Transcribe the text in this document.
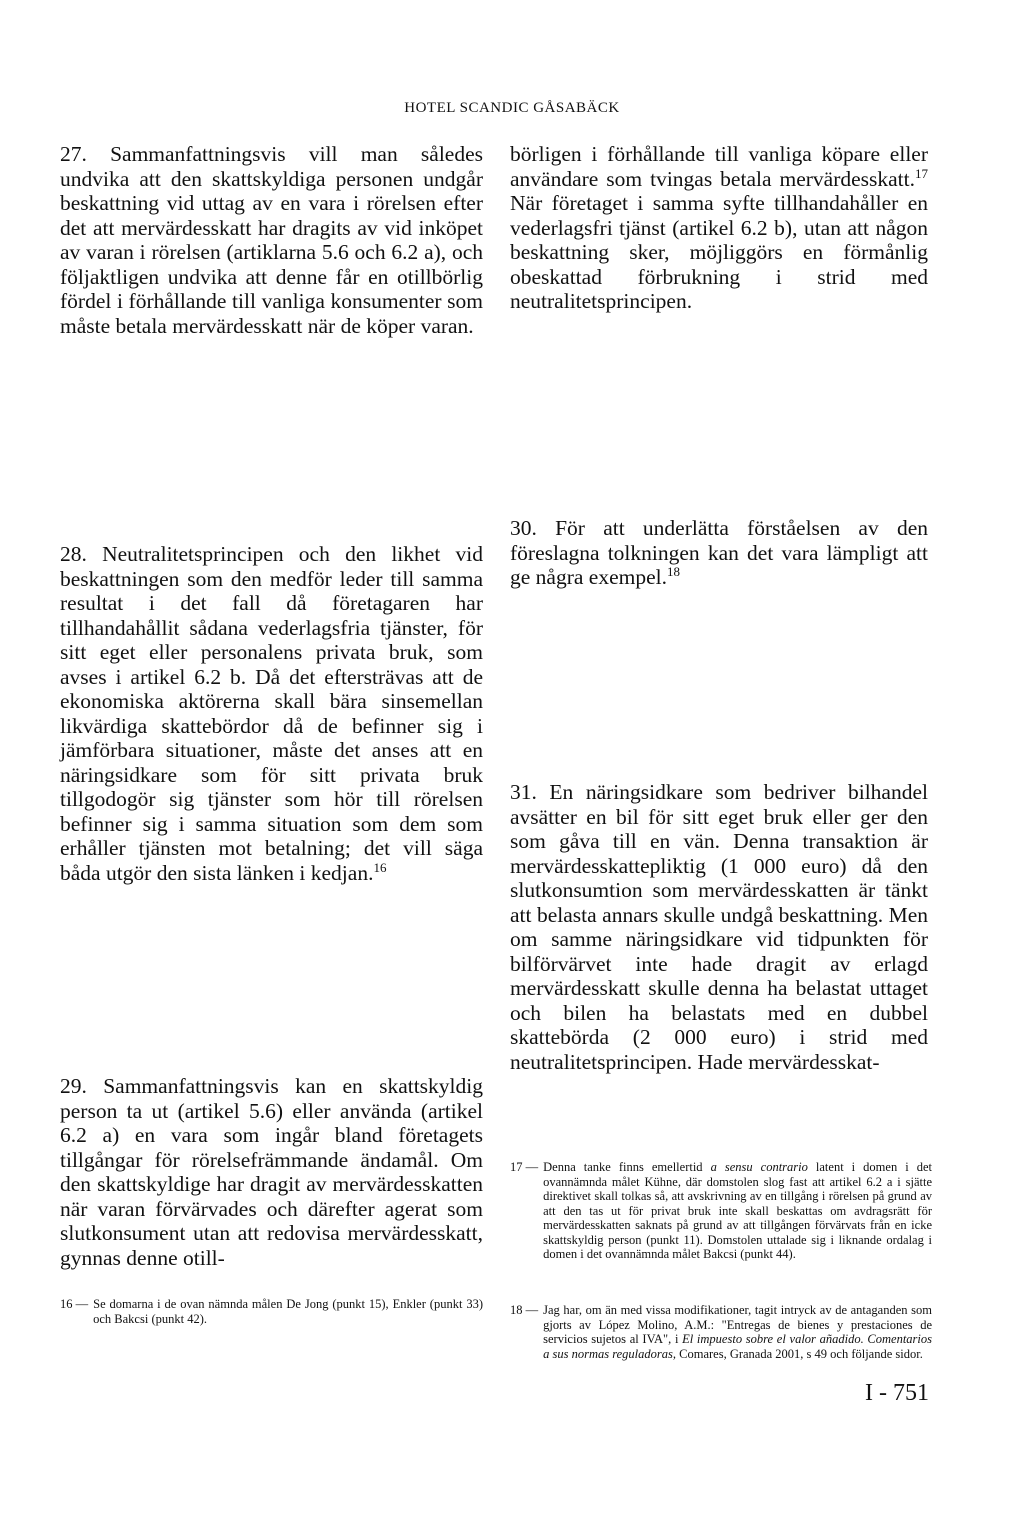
HOTEL SCANDIC GÅSABÄCK

27. Sammanfattningsvis vill man således undvika att den skattskyldiga personen undgår beskattning vid uttag av en vara i rörelsen efter det att mervärdesskatt har dragits av vid inköpet av varan i rörelsen (artiklarna 5.6 och 6.2 a), och följaktligen undvika att denne får en otillbörlig fördel i förhållande till vanliga konsumenter som måste betala mervärdesskatt när de köper varan.

börligen i förhållande till vanliga köpare eller användare som tvingas betala mervärdesskatt.$^{17}$ När företaget i samma syfte tillhandahåller en vederlagsfri tjänst (artikel 6.2 b), utan att någon beskattning sker, möjliggörs en förmånlig obeskattad förbrukning i strid med neutralitetsprincipen.

28. Neutralitetsprincipen och den likhet vid beskattningen som den medför leder till samma resultat i det fall då företagaren har tillhandahållit sådana vederlagsfria tjänster, för sitt eget eller personalens privata bruk, som avses i artikel 6.2 b. Då det eftersträvas att de ekonomiska aktörerna skall bära sinsemellan likvärdiga skattebördor då de befinner sig i jämförbara situationer, måste det anses att en näringsidkare som för sitt privata bruk tillgodogör sig tjänster som hör till rörelsen befinner sig i samma situation som dem som erhåller tjänsten mot betalning; det vill säga båda utgör den sista länken i kedjan.$^{16}$

30. För att underlätta förståelsen av den föreslagna tolkningen kan det vara lämpligt att ge några exempel.$^{18}$

31. En näringsidkare som bedriver bilhandel avsätter en bil för sitt eget bruk eller ger den som gåva till en vän. Denna transaktion är mervärdesskattepliktig (1 000 euro) då den slutkonsumtion som mervärdesskatten är tänkt att belasta annars skulle undgå beskattning. Men om samme näringsidkare vid tidpunkten för bilförvärvet inte hade dragit av erlagd mervärdesskatt skulle denna ha belastat uttaget och bilen ha belastats med en dubbel skattebörda (2 000 euro) i strid med neutralitetsprincipen. Hade mervärdesskat-

29. Sammanfattningsvis kan en skattskyldig person ta ut (artikel 5.6) eller använda (artikel 6.2 a) en vara som ingår bland företagets tillgångar för rörelsefrämmande ändamål. Om den skattskyldige har dragit av mervärdesskatten när varan förvärvades och därefter agerat som slutkonsument utan att redovisa mervärdesskatt, gynnas denne otill-

16 — Se domarna i de ovan nämnda målen De Jong (punkt 15), Enkler (punkt 33) och Bakcsi (punkt 42).
17 — Denna tanke finns emellertid a sensu contrario latent i domen i det ovannämnda målet Kühne, där domstolen slog fast att artikel 6.2 a i sjätte direktivet skall tolkas så, att avskrivning av en tillgång i rörelsen på grund av att den tas ut för privat bruk inte skall beskattas om avdragsrätt för mervärdesskatten saknats på grund av att tillgången förvärvats från en icke skattskyldig person (punkt 11). Domstolen uttalade sig i liknande ordalag i domen i det ovannämnda målet Bakcsi (punkt 44).
18 — Jag har, om än med vissa modifikationer, tagit intryck av de antaganden som gjorts av López Molino, A.M.: "Entregas de bienes y prestaciones de servicios sujetos al IVA", i El impuesto sobre el valor añadido. Comentarios a sus normas reguladoras, Comares, Granada 2001, s 49 och följande sidor.
I - 751
